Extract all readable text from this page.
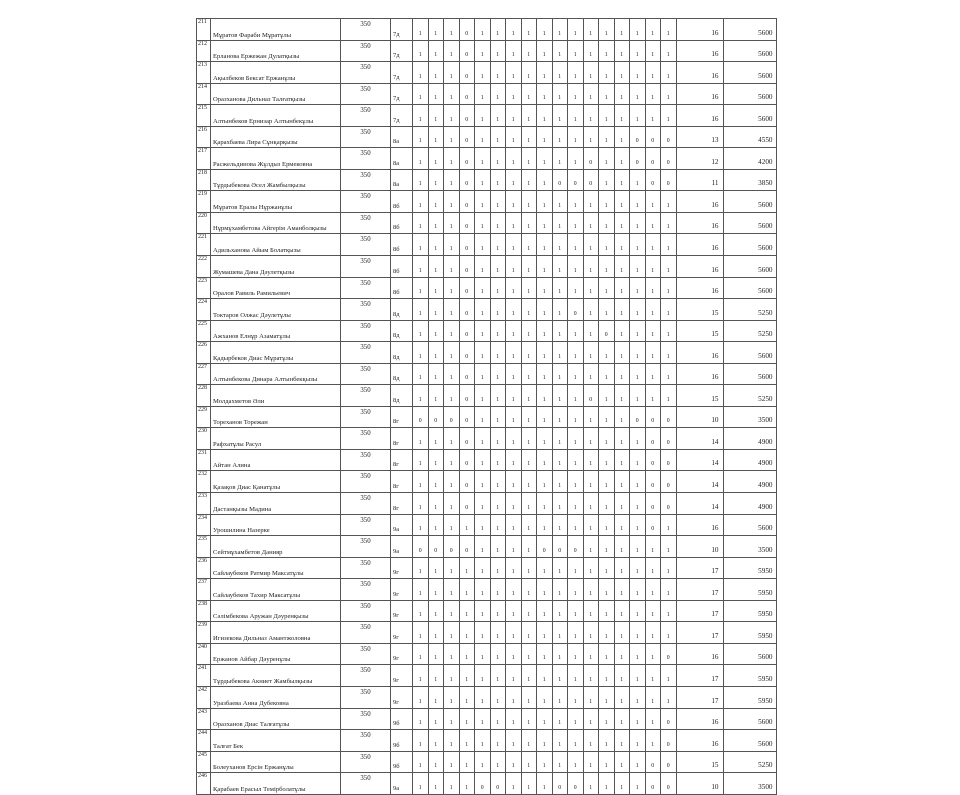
211	Мұратов Фараби Мұратұлы	350	7д	1	1	1	0	1	1	1	1	1	1	1	1	1	1	1	1	1	16	5600
212	Ерланова Ержежан Дулатқызы	350	7д	1	1	1	0	1	1	1	1	1	1	1	1	1	1	1	1	1	16	5600
213	Ақылбеков Бексат Ержанұлы	350	7д	1	1	1	0	1	1	1	1	1	1	1	1	1	1	1	1	1	16	5600
214	Оразханова Дильназ Талғатқызы	350	7д	1	1	1	0	1	1	1	1	1	1	1	1	1	1	1	1	1	16	5600
215	Алтынбеков Ернизар Алтынбекұлы	350	7д	1	1	1	0	1	1	1	1	1	1	1	1	1	1	1	1	1	16	5600
216	Қарахбаева Лира Сұнқарқызы	350	8а	1	1	1	0	1	1	1	1	1	1	1	1	1	1	0	0	0	13	4550
217	Расжельдинова Жұлдыз Ермековна	350	8а	1	1	1	0	1	1	1	1	1	1	1	0	1	1	0	0	0	12	4200
218	Тұрдыбекова Әсел Жамбылқызы	350	8а	1	1	1	0	1	1	1	1	1	0	0	0	1	1	1	0	0	11	3850
219	Мұратов Ералы Нұржанұлы	350	8б	1	1	1	0	1	1	1	1	1	1	1	1	1	1	1	1	1	16	5600
220	Нұрмұхамбетова Айгерім Аманболқызы	350	8б	1	1	1	0	1	1	1	1	1	1	1	1	1	1	1	1	1	16	5600
221	Адильханова Айым Болатқызы	350	8б	1	1	1	0	1	1	1	1	1	1	1	1	1	1	1	1	1	16	5600
222	Жумашева Дана Дәулетқызы	350	8б	1	1	1	0	1	1	1	1	1	1	1	1	1	1	1	1	1	16	5600
223	Оралов Равиль Рамильевич	350	8б	1	1	1	0	1	1	1	1	1	1	1	1	1	1	1	1	1	16	5600
224	Токтаров Олжас Дәулетұлы	350	8д	1	1	1	0	1	1	1	1	1	1	0	1	1	1	1	1	1	15	5250
225	Ажханов Елнұр Азаматұлы	350	8д	1	1	1	0	1	1	1	1	1	1	1	1	0	1	1	1	1	15	5250
226	Қадырбеков Диас Мұратұлы	350	8д	1	1	1	0	1	1	1	1	1	1	1	1	1	1	1	1	1	16	5600
227	Алтынбекова Динара Алтынбекқызы	350	8д	1	1	1	0	1	1	1	1	1	1	1	1	1	1	1	1	1	16	5600
228	Молдахметов Әли	350	8д	1	1	1	0	1	1	1	1	1	1	1	0	1	1	1	1	1	15	5250
229	Тореханов Торежан	350	8г	0	0	0	0	1	1	1	1	1	1	1	1	1	1	0	0	0	10	3500
230	Рафхатұлы Расул	350	8г	1	1	1	0	1	1	1	1	1	1	1	1	1	1	1	0	0	14	4900
231	Айтан Алина	350	8г	1	1	1	0	1	1	1	1	1	1	1	1	1	1	1	0	0	14	4900
232	Қазақов Диас Қанатұлы	350	8г	1	1	1	0	1	1	1	1	1	1	1	1	1	1	1	0	0	14	4900
233	Дастанқызы Мадина	350	8г	1	1	1	0	1	1	1	1	1	1	1	1	1	1	1	0	0	14	4900
234	Урошилина Назерке	350	9а	1	1	1	1	1	1	1	1	1	1	1	1	1	1	1	0	1	16	5600
235	Сейтмұхамбетов Данияр	350	9а	0	0	0	0	1	1	1	1	0	0	0	1	1	1	1	1	1	10	3500
236	Сайлаубеков Ратмир Максатұлы	350	9г	1	1	1	1	1	1	1	1	1	1	1	1	1	1	1	1	1	17	5950
237	Сайлаубеков Тахир Максатұлы	350	9г	1	1	1	1	1	1	1	1	1	1	1	1	1	1	1	1	1	17	5950
238	Сәлімбекова Аружан Дәуренқызы	350	9г	1	1	1	1	1	1	1	1	1	1	1	1	1	1	1	1	1	17	5950
239	Игизекова Дильназ Амантжоловна	350	9г	1	1	1	1	1	1	1	1	1	1	1	1	1	1	1	1	1	17	5950
240	Ержанов Айбар Дәуренұлы	350	9г	1	1	1	1	1	1	1	1	1	1	1	1	1	1	1	1	0	16	5600
241	Тұрдыбекова Акниет Жамбылқызы	350	9г	1	1	1	1	1	1	1	1	1	1	1	1	1	1	1	1	1	17	5950
242	Уразбаева Анна Дубековна	350	9г	1	1	1	1	1	1	1	1	1	1	1	1	1	1	1	1	1	17	5950
243	Оразханов Диас Талғатұлы	350	9б	1	1	1	1	1	1	1	1	1	1	1	1	1	1	1	1	0	16	5600
244	Талғат Бек	350	9б	1	1	1	1	1	1	1	1	1	1	1	1	1	1	1	1	0	16	5600
245	Болеуханов Ерсін Ержанұлы	350	9б	1	1	1	1	1	1	1	1	1	1	1	1	1	1	1	0	0	15	5250
246	Қарабаев Ерасыл Темірболатұлы	350	9а	1	1	1	1	0	0	1	1	1	0	0	1	1	1	1	0	0	10	3500
